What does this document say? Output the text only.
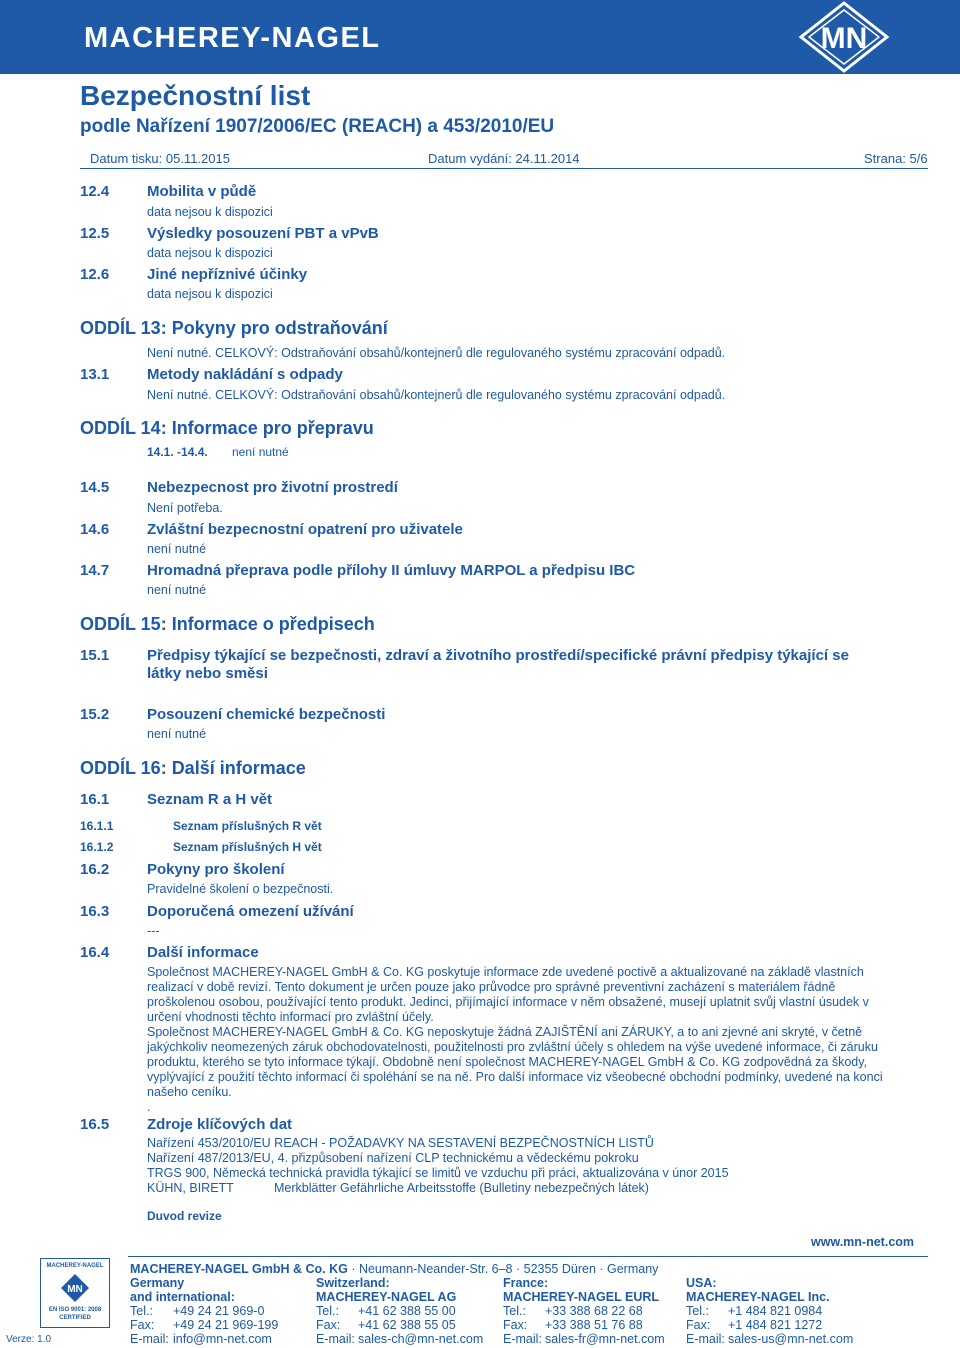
MACHEREY-NAGEL	MN
Bezpečnostní list
podle Nařízení 1907/2006/EC (REACH) a 453/2010/EU
Datum tisku: 05.11.2015	Datum vydání: 24.11.2014	Strana: 5/6
12.4	Mobilita v půdě
data nejsou k dispozici
12.5	Výsledky posouzení PBT a vPvB
data nejsou k dispozici
12.6	Jiné nepříznivé účinky
data nejsou k dispozici
ODDÍL 13: Pokyny pro odstraňování
Není nutné. CELKOVÝ: Odstraňování obsahů/kontejnerů dle regulovaného systému zpracování odpadů.
13.1	Metody nakládání s odpady
Není nutné. CELKOVÝ: Odstraňování obsahů/kontejnerů dle regulovaného systému zpracování odpadů.
ODDÍL 14: Informace pro přepravu
14.1. -14.4. není nutné
14.5	Nebezpecnost pro životní prostredí
Není potřeba.
14.6	Zvláštní bezpecnostní opatrení pro uživatele
není nutné
14.7	Hromadná přeprava podle přílohy II úmluvy MARPOL a předpisu IBC
není nutné
ODDÍL 15: Informace o předpisech
15.1	Předpisy týkající se bezpečnosti, zdraví a životního prostředí/specifické právní předpisy týkající se
látky nebo směsi
15.2	Posouzení chemické bezpečnosti
není nutné
ODDÍL 16: Další informace
16.1	Seznam R a H vět
16.1.1	Seznam příslušných R vět
16.1.2	Seznam příslušných H vět
16.2	Pokyny pro školení
Pravidelné školení o bezpečnosti.
16.3	Doporučená omezení užívání
---
16.4	Další informace
Společnost MACHEREY-NAGEL GmbH & Co. KG poskytuje informace zde uvedené poctivě a aktualizované na základě vlastních
realizací v době revizí. Tento dokument je určen pouze jako průvodce pro správné preventivní zacházení s materiálem řádně
proškolenou osobou, používající tento produkt. Jedinci, přijímající informace v něm obsažené, musejí uplatnit svůj vlastní úsudek v
určení vhodnosti těchto informací pro zvláštní účely.
Společnost MACHEREY-NAGEL GmbH & Co. KG neposkytuje žádná ZAJIŠTĚNÍ ani ZÁRUKY, a to ani zjevné ani skryté, v četně
jakýchkoliv neomezených záruk obchodovatelnosti, použitelnosti pro zvláštní účely s ohledem na výše uvedené informace, či záruku
produktu, kterého se tyto informace týkají. Obdobně není společnost MACHEREY-NAGEL GmbH & Co. KG zodpovědná za škody,
vyplývající z použití těchto informací či spoléhání se na ně. Pro další informace viz všeobecné obchodní podmínky, uvedené na konci
našeho ceníku.
.
16.5	Zdroje klíčových dat
Nařízení 453/2010/EU REACH - POŽADAVKY NA SESTAVENÍ BEZPEČNOSTNÍCH LISTŮ
Nařízení 487/2013/EU, 4. přizpůsobení nařízení CLP technickému a vědeckému pokroku
TRGS 900, Německá technická pravidla týkající se limitů ve vzduchu při práci, aktualizována v únor 2015
KÜHN, BIRETT	Merkblätter Gefährliche Arbeitsstoffe (Bulletiny nebezpečných látek)
Duvod revize
www.mn-net.com
MACHEREY-NAGEL
MN
EN ISO 9001: 2008
CERTIFIED
Verze: 1.0
MACHEREY-NAGEL GmbH & Co. KG · Neumann-Neander-Str. 6–8 · 52355 Düren · Germany
Germany
and international:
Tel.: +49 24 21 969-0
Fax: +49 24 21 969-199
E-mail: info@mn-net.com
Switzerland:
MACHEREY-NAGEL AG
Tel.: +41 62 388 55 00
Fax: +41 62 388 55 05
E-mail: sales-ch@mn-net.com
France:
MACHEREY-NAGEL EURL
Tel.: +33 388 68 22 68
Fax: +33 388 51 76 88
E-mail: sales-fr@mn-net.com
USA:
MACHEREY-NAGEL Inc.
Tel.: +1 484 821 0984
Fax: +1 484 821 1272
E-mail: sales-us@mn-net.com
